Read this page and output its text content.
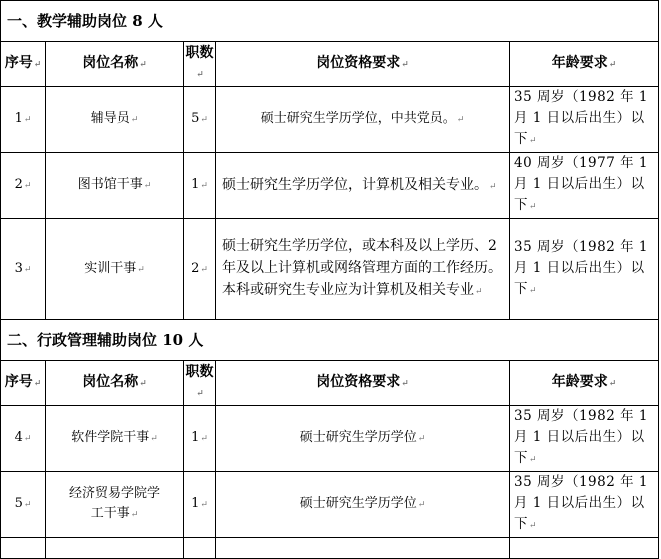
一、教学辅助岗位 8 人				
序号↵	岗位名称↵	职数↵	岗位资格要求↵	年龄要求↵
1↵	辅导员↵	5↵	硕士研究生学历学位，中共党员。↵	35 周岁（1982 年 1 月 1 日以后出生）以下↵
2↵	图书馆干事↵	1↵	硕士研究生学历学位，计算机及相关专业。↵	40 周岁（1977 年 1 月 1 日以后出生）以下↵
3↵	实训干事↵	2↵	硕士研究生学历学位，或本科及以上学历、2 年及以上计算机或网络管理方面的工作经历。本科或研究生专业应为计算机及相关专业↵	35 周岁（1982 年 1 月 1 日以后出生）以下↵
二、行政管理辅助岗位 10 人				
序号↵	岗位名称↵	职数↵	岗位资格要求↵	年龄要求↵
4↵	软件学院干事↵	1↵	硕士研究生学历学位↵	35 周岁（1982 年 1 月 1 日以后出生）以下↵
5↵	经济贸易学院学工干事↵	1↵	硕士研究生学历学位↵	35 周岁（1982 年 1 月 1 日以后出生）以下↵
